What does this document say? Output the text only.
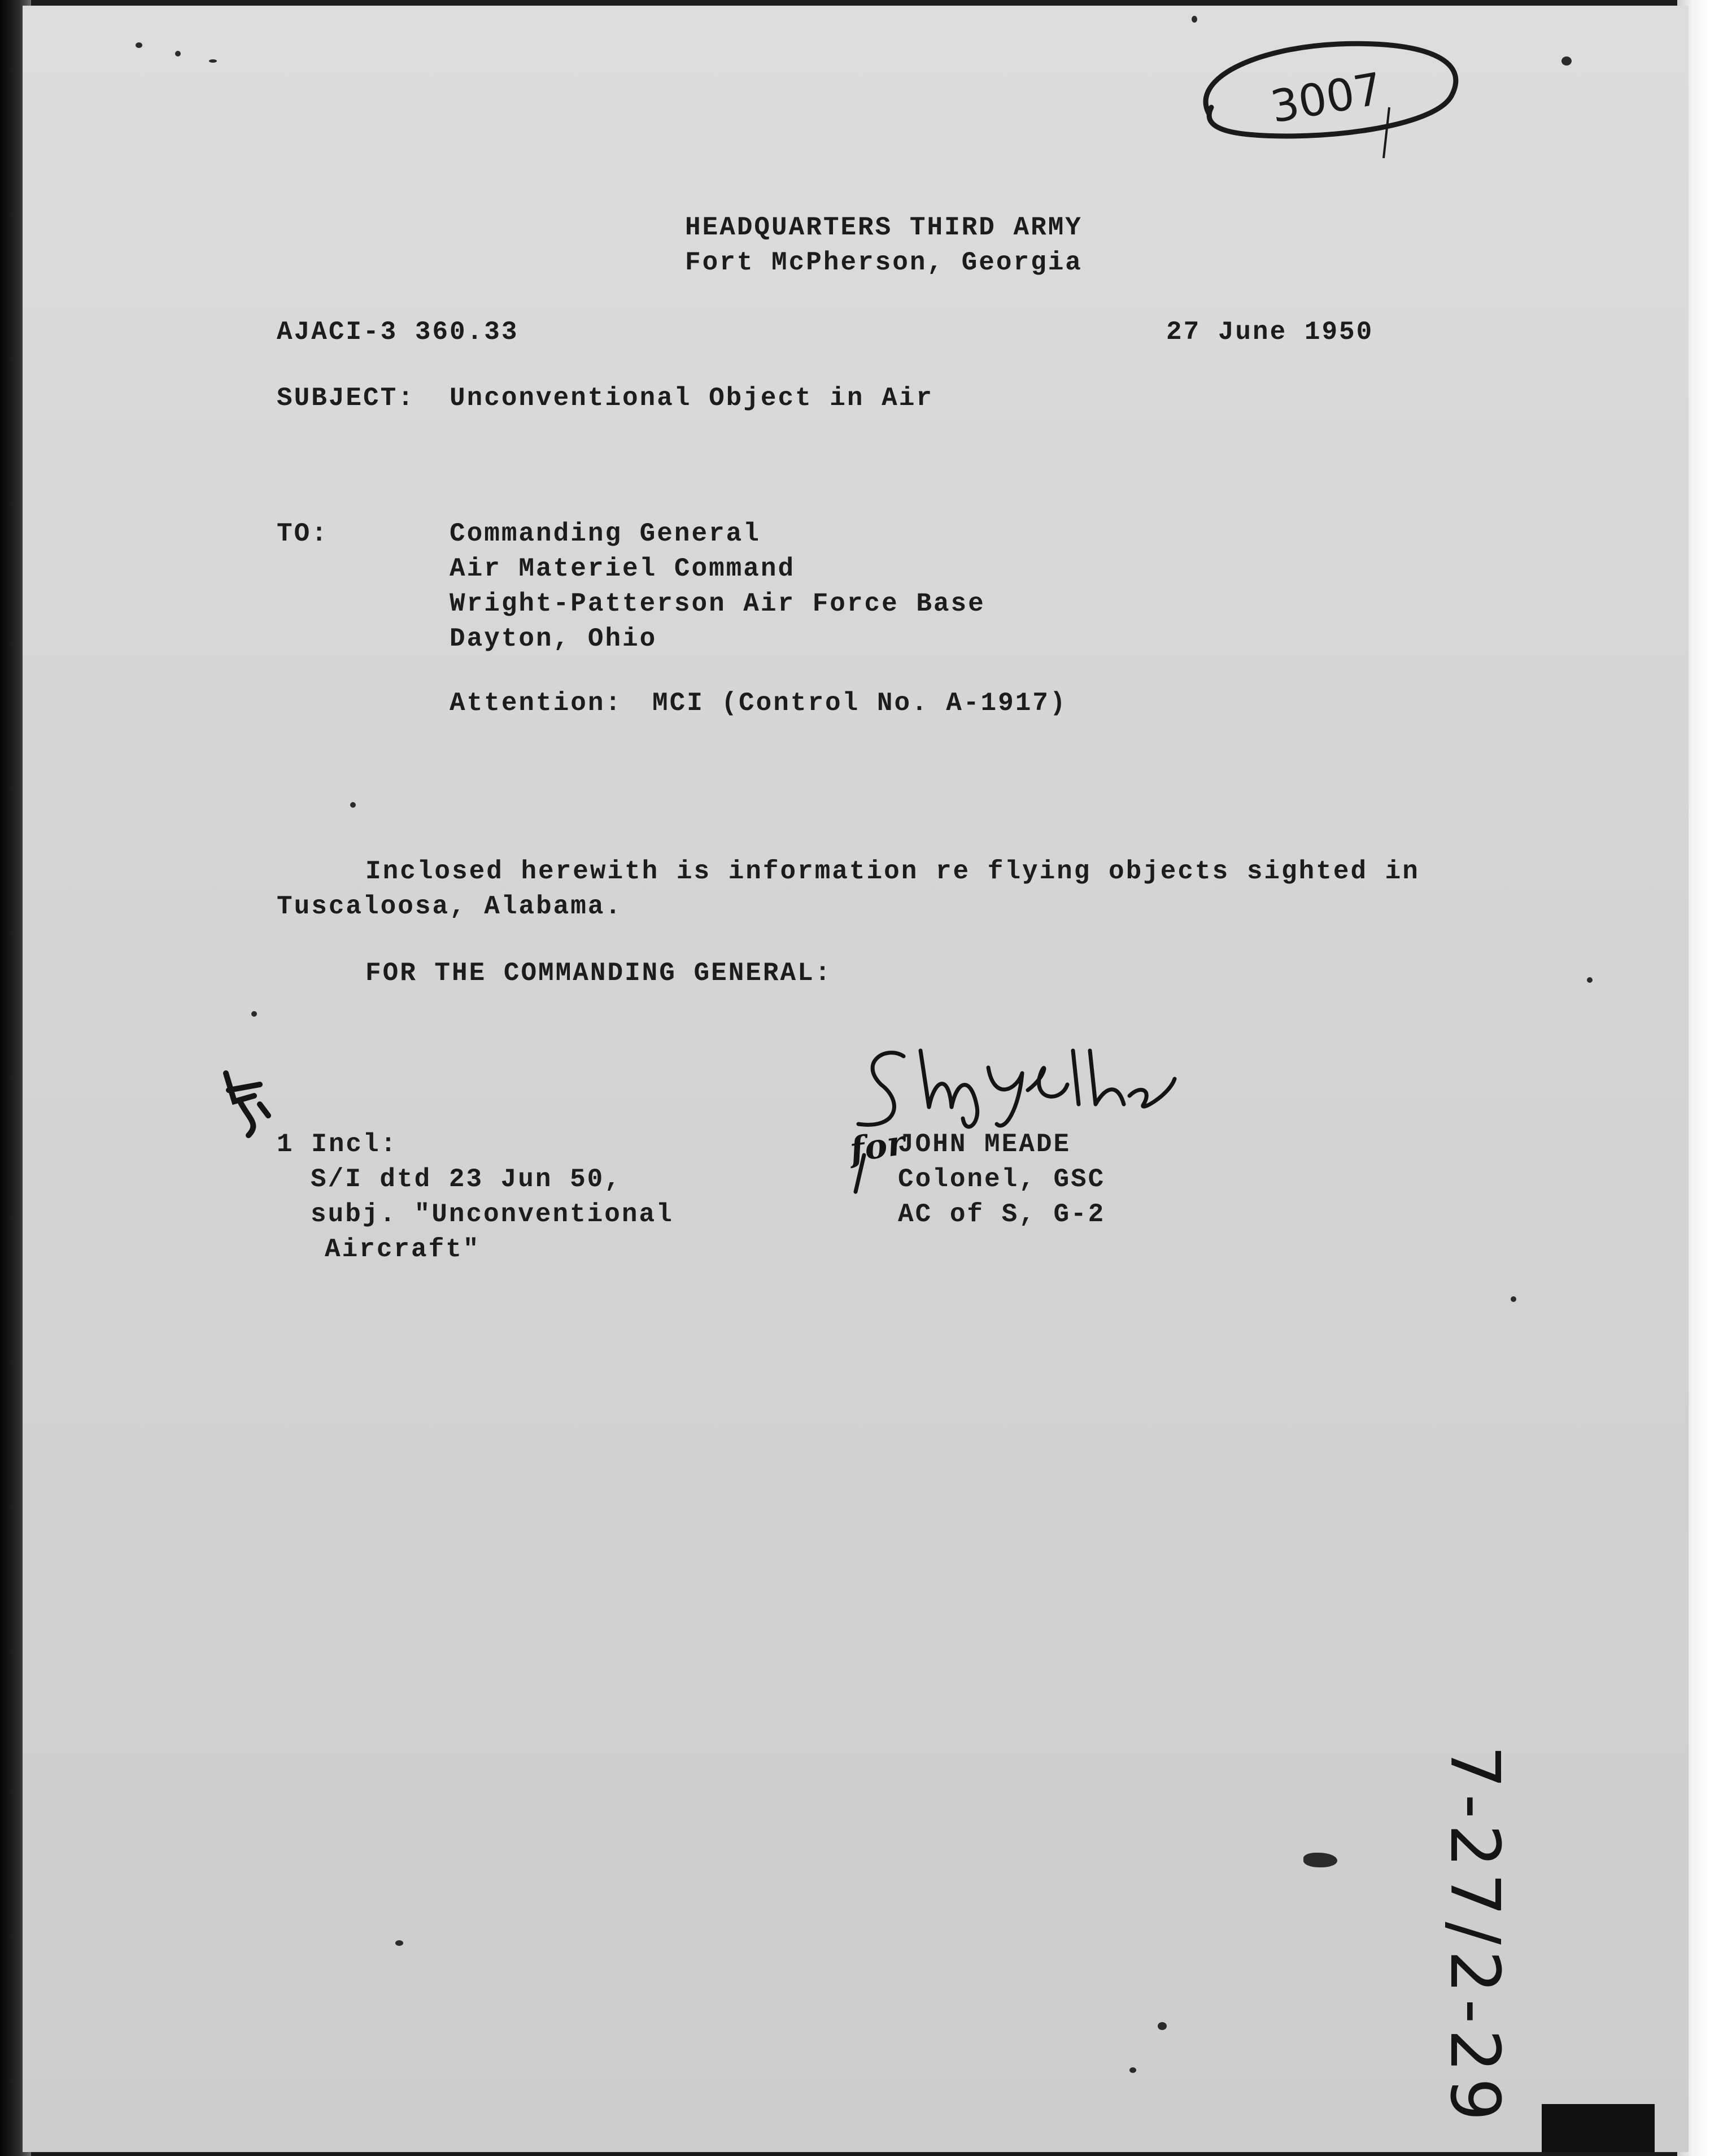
3007

HEADQUARTERS THIRD ARMY

Fort McPherson, Georgia

AJACI-3 360.33	27 June 1950

SUBJECT: Unconventional Object in Air

TO:	Commanding General

Air Materiel Command

Wright-Patterson Air Force Base

Dayton, Ohio

Attention: MCI (Control No. A-1917)

Inclosed herewith is information re flying objects sighted in

Tuscaloosa, Alabama.

FOR THE COMMANDING GENERAL:

1 Incl:

S/I dtd 23 Jun 50,

subj. "Unconventional

Aircraft"

for

JOHN MEADE

Colonel, GSC

AC of S, G-2

7-27/2-29
